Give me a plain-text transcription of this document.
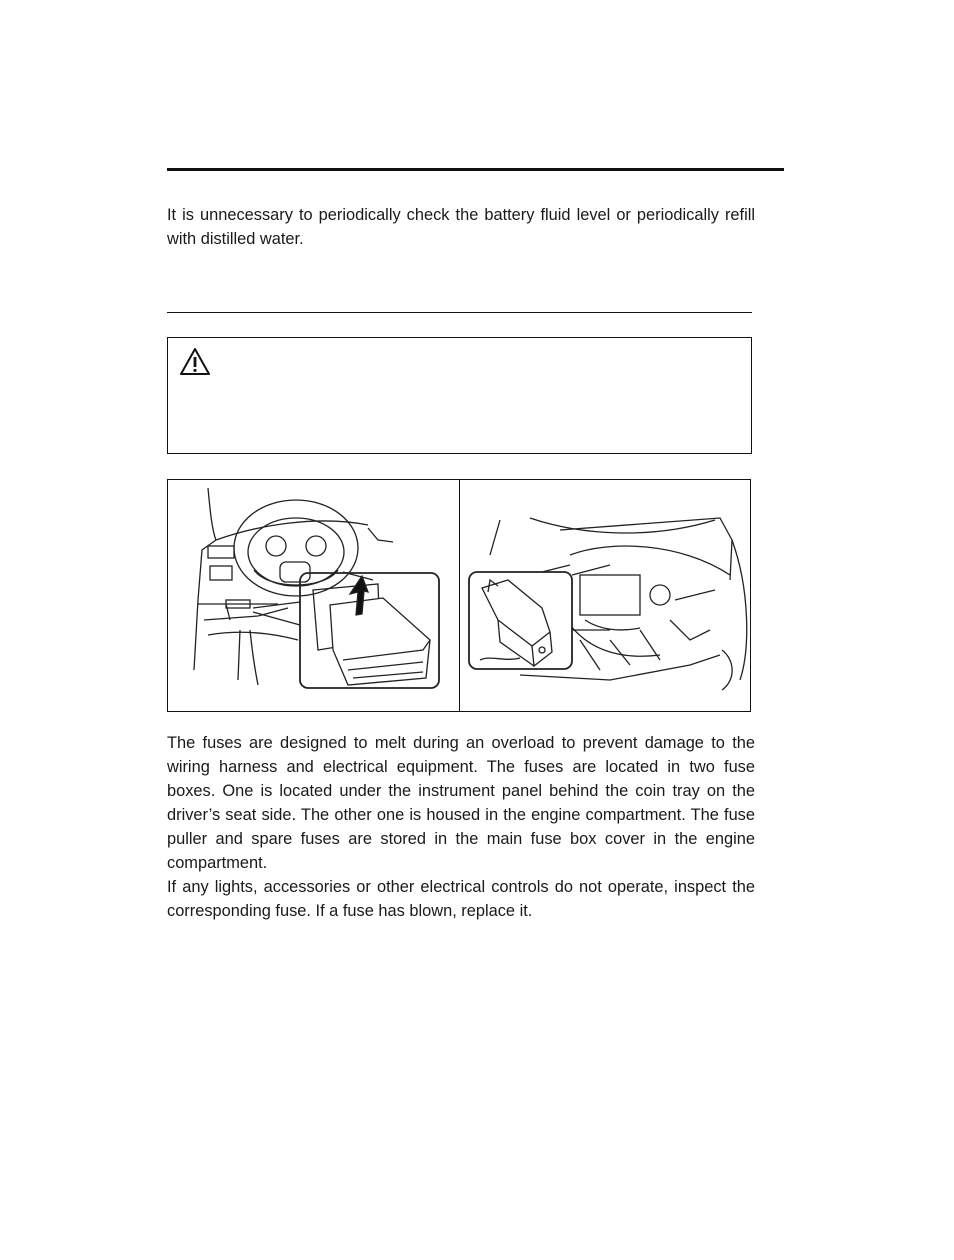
It is unnecessary to periodically check the battery fluid level or periodically refill with distilled water.

The fuses are designed to melt during an overload to prevent damage to the wiring harness and electrical equipment. The fuses are located in two fuse boxes. One is located under the instrument panel behind the coin tray on the driver’s seat side. The other one is housed in the engine compartment. The fuse puller and spare fuses are stored in the main fuse box cover in the engine compartment.

If any lights, accessories or other electrical controls do not operate, inspect the corresponding fuse. If a fuse has blown, replace it.
